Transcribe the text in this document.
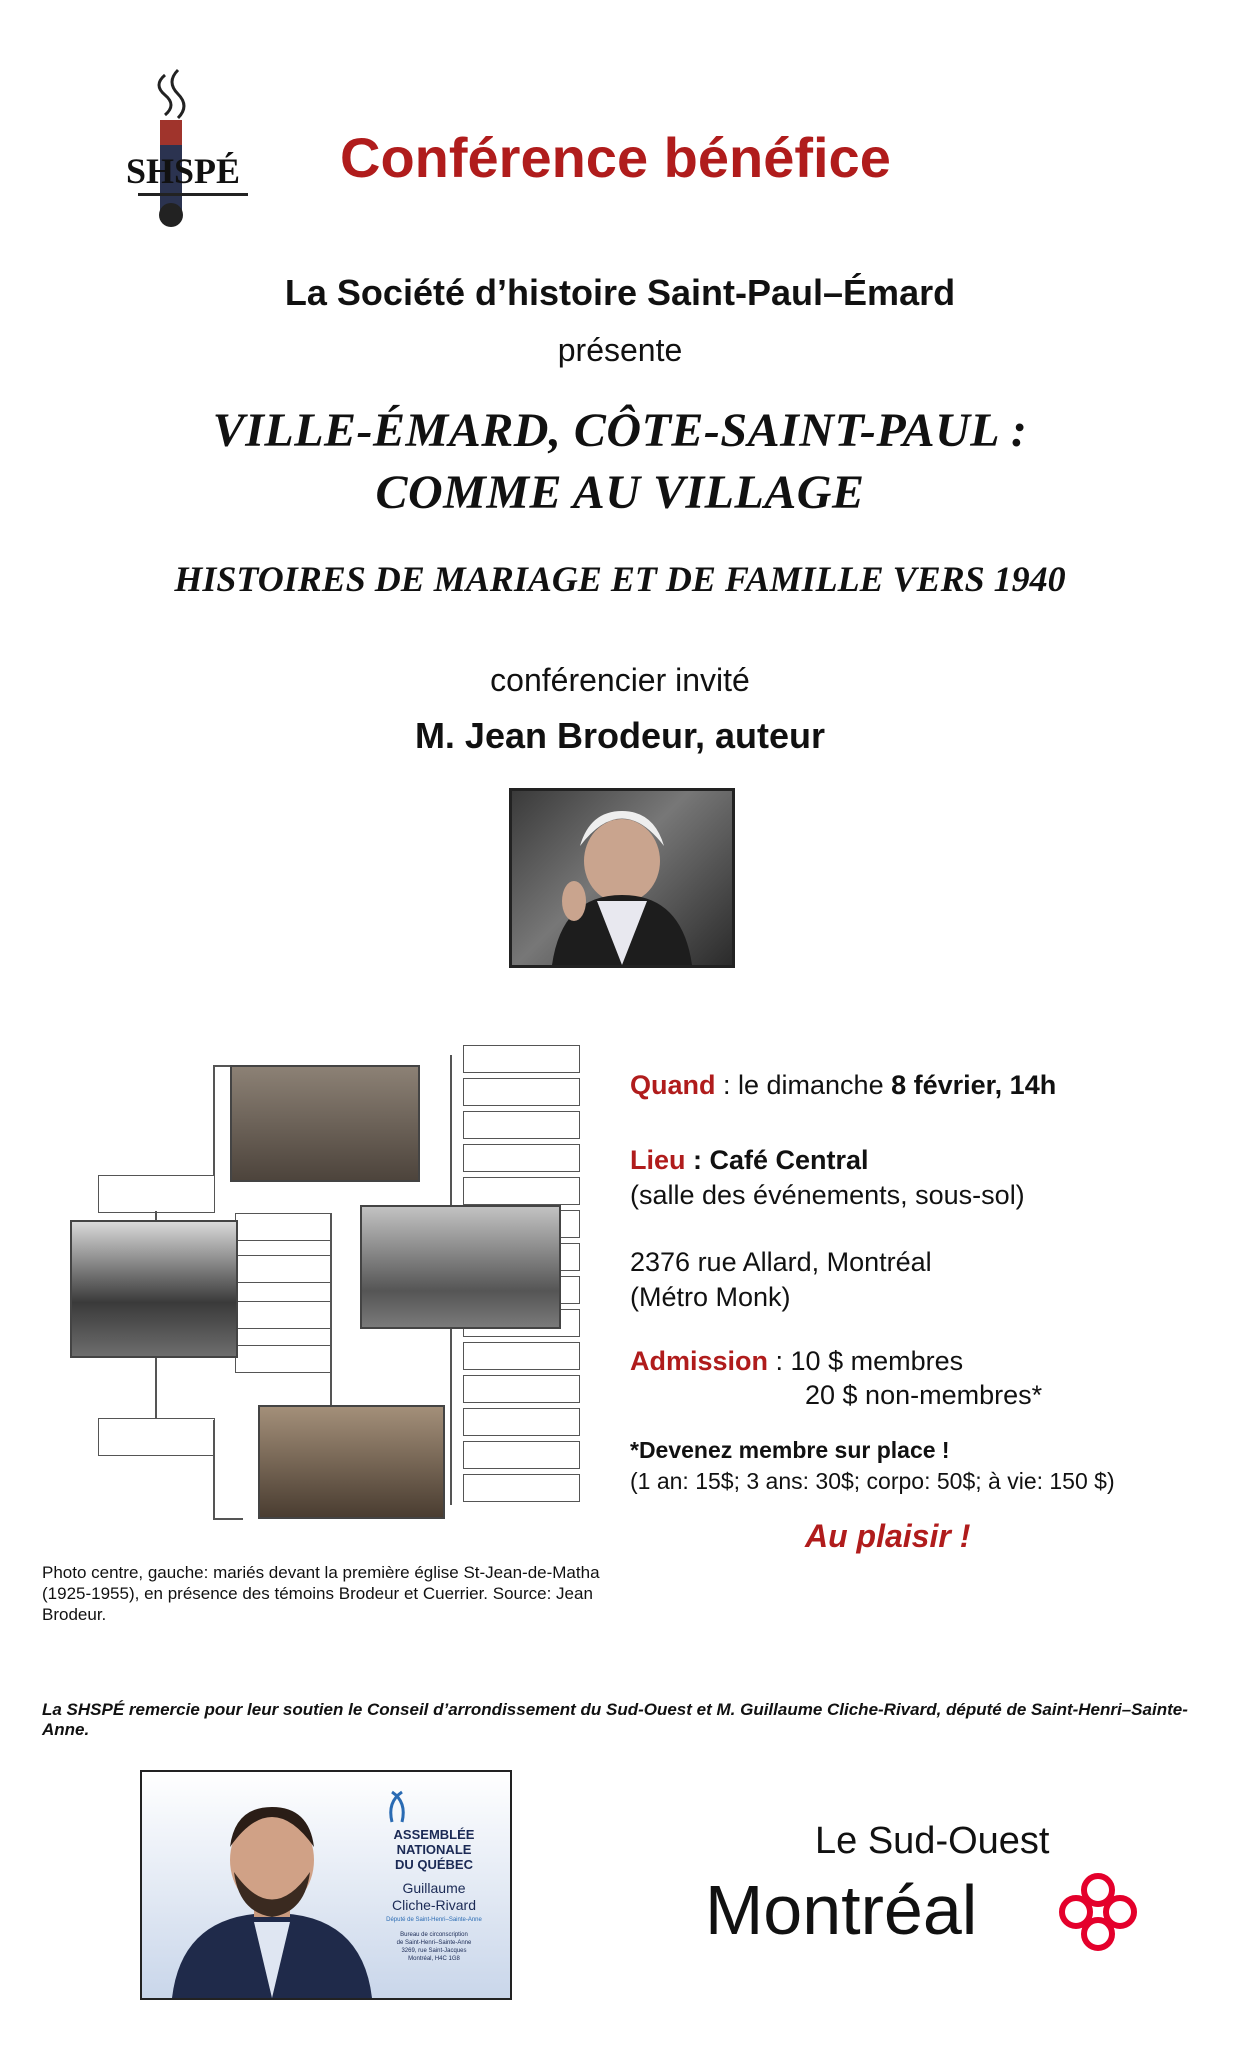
SHSPÉ Conférence bénéfice
La Société d’histoire Saint-Paul–Émard
présente
VILLE-ÉMARD, CÔTE-SAINT-PAUL :
COMME AU VILLAGE
HISTOIRES DE MARIAGE ET DE FAMILLE VERS 1940
conférencier invité
M. Jean Brodeur, auteur
Photo centre, gauche: mariés devant la première église St-Jean-de-Matha (1925-1955), en présence des témoins Brodeur et Cuerrier. Source: Jean Brodeur.
Quand : le dimanche 8 février, 14h
Lieu : Café Central
(salle des événements, sous-sol)
2376 rue Allard, Montréal
(Métro Monk)
Admission : 10 $ membres
20 $ non-membres*
*Devenez membre sur place !
(1 an: 15$; 3 ans: 30$; corpo: 50$; à vie: 150 $)
Au plaisir !
La SHSPÉ remercie pour leur soutien le Conseil d’arrondissement du Sud-Ouest et M. Guillaume Cliche-Rivard, député de Saint-Henri–Sainte-Anne.
ASSEMBLÉE
NATIONALE
DU QUÉBEC
Guillaume
Cliche-Rivard
Député de Saint-Henri–Sainte-Anne
Bureau de circonscription
de Saint-Henri–Sainte-Anne
3269, rue Saint-Jacques
Montréal, H4C 1G8
Le Sud-Ouest
Montréal
